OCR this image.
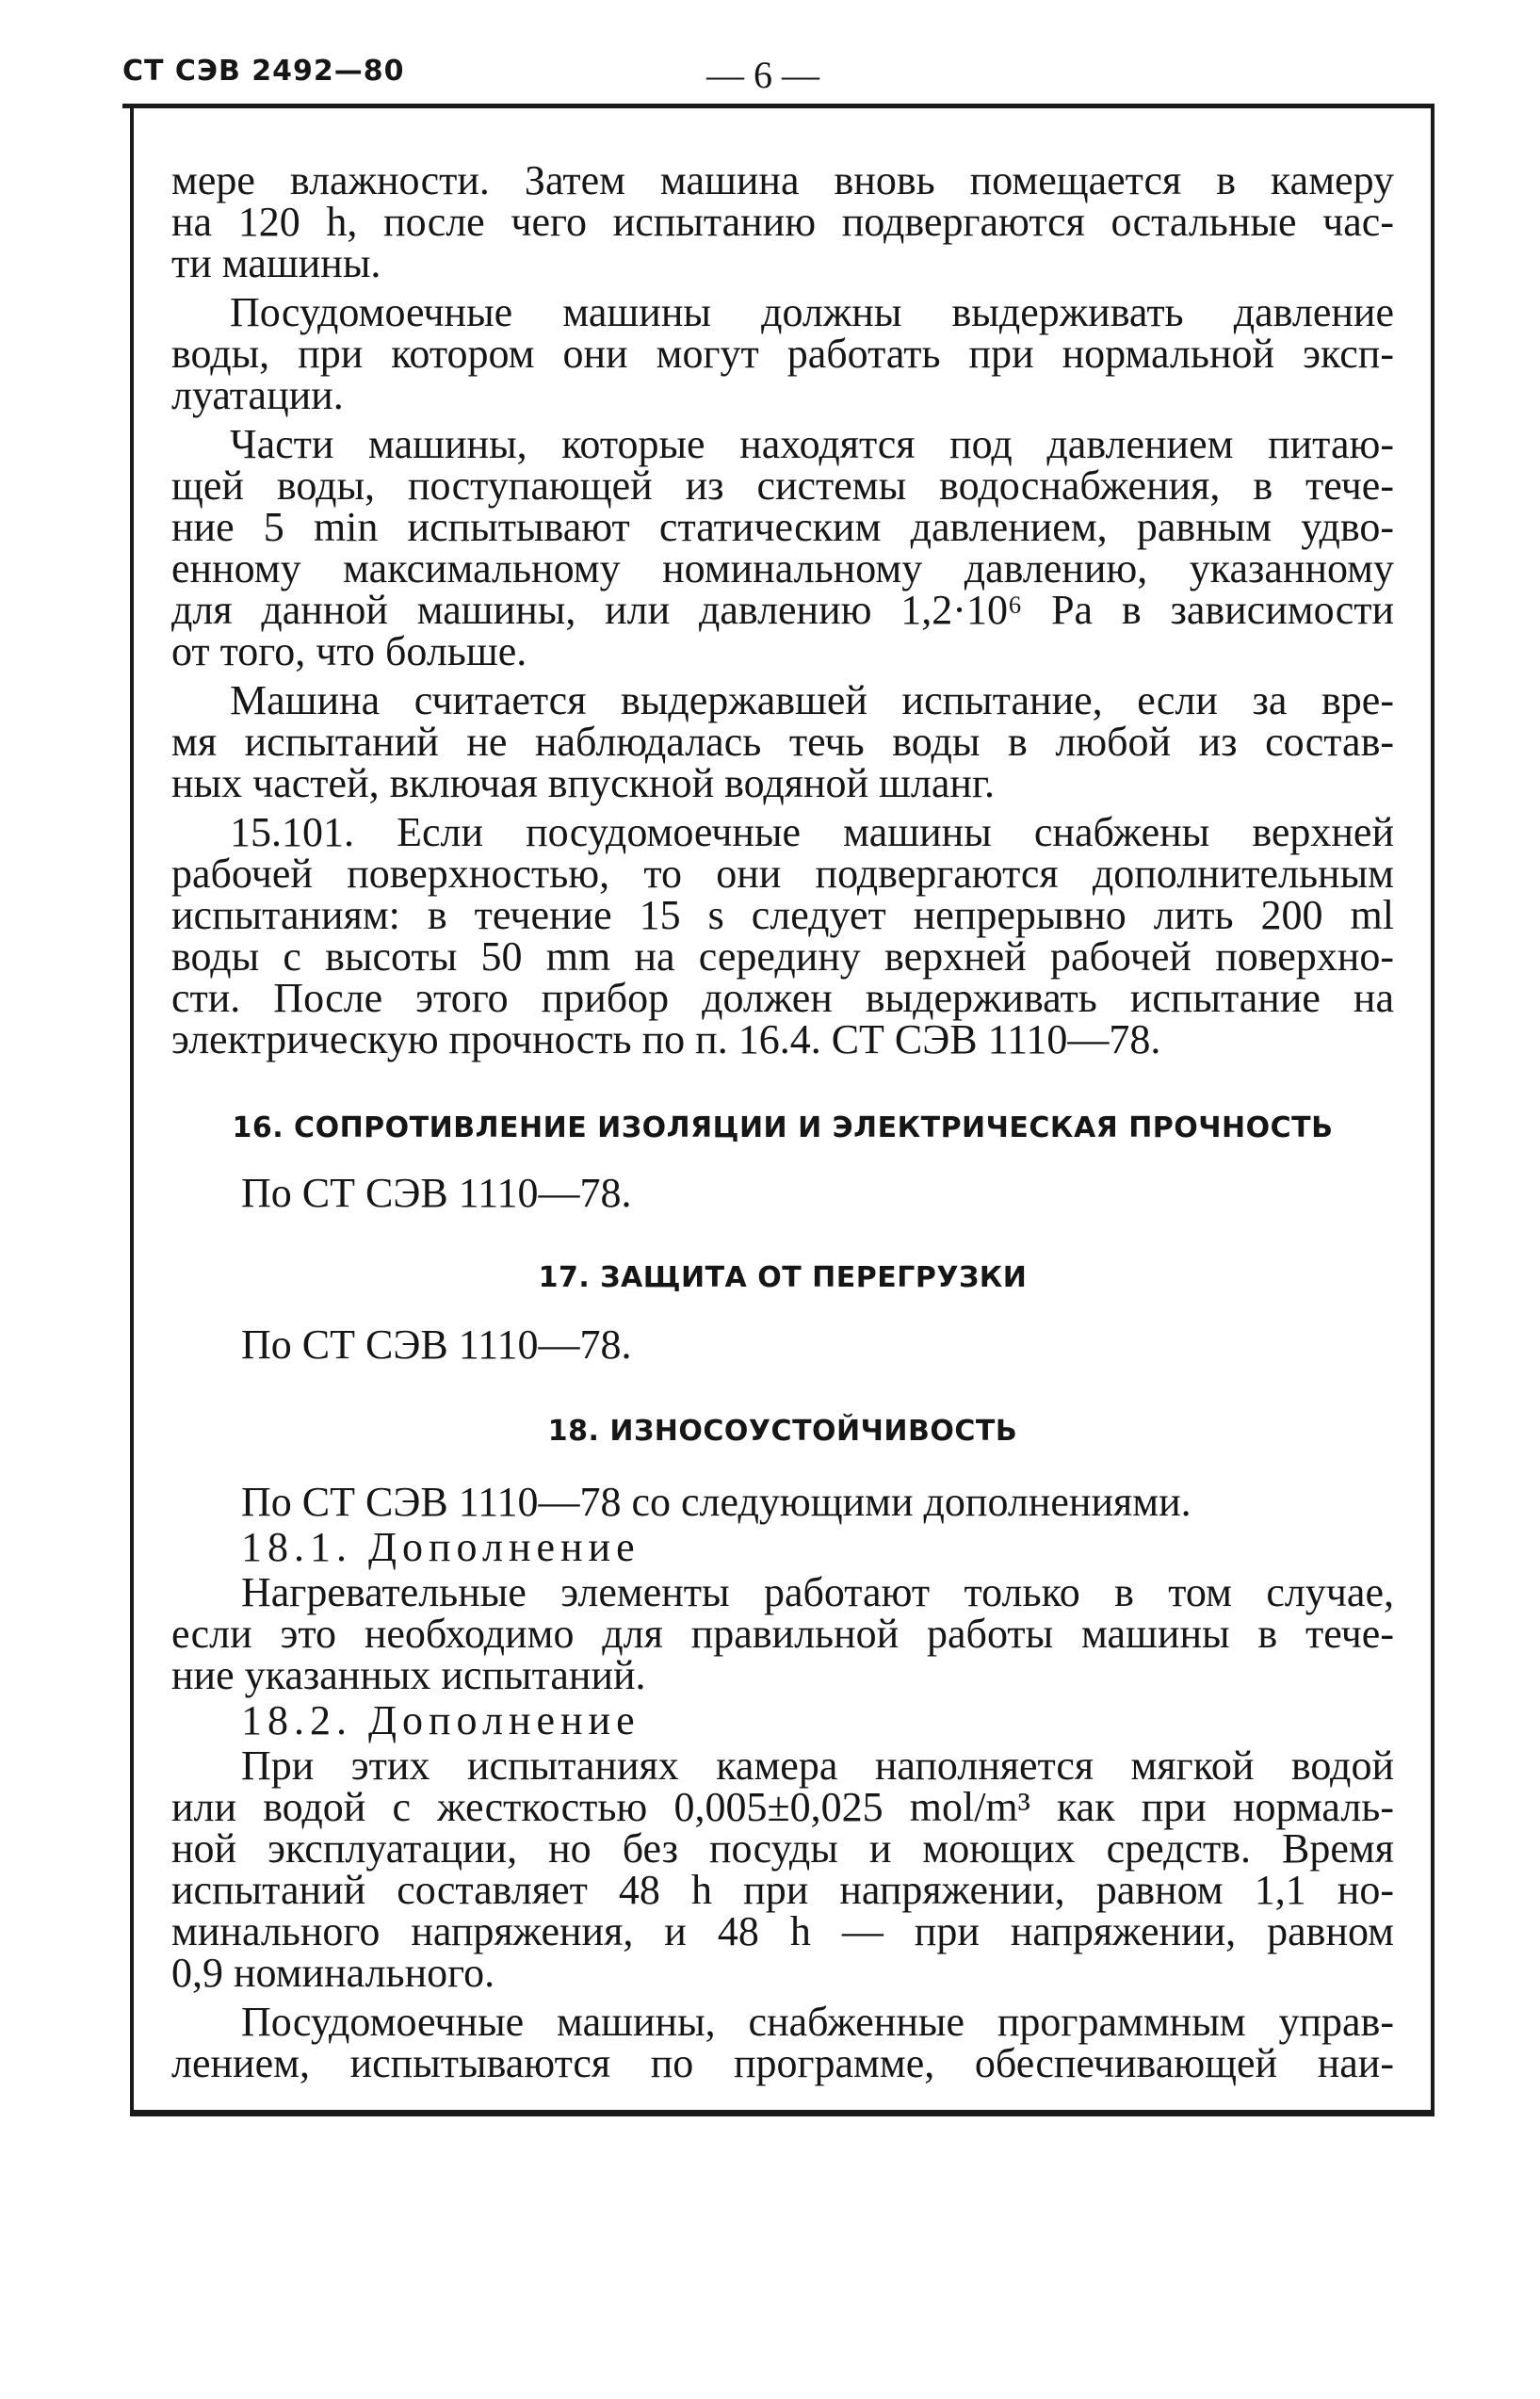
СТ СЭВ 2492—80	— 6 —
мере влажности. Затем машина вновь помещается в камеру
на 120 h, после чего испытанию подвергаются остальные час-
ти машины.
Посудомоечные машины должны выдерживать давление
воды, при котором они могут работать при нормальной эксп-
луатации.
Части машины, которые находятся под давлением питаю-
щей воды, поступающей из системы водоснабжения, в тече-
ние 5 min испытывают статическим давлением, равным удво-
енному максимальному номинальному давлению, указанному
для данной машины, или давлению 1,2·10⁶ Pa в зависимости
от того, что больше.
Машина считается выдержавшей испытание, если за вре-
мя испытаний не наблюдалась течь воды в любой из состав-
ных частей, включая впускной водяной шланг.
15.101. Если посудомоечные машины снабжены верхней
рабочей поверхностью, то они подвергаются дополнительным
испытаниям: в течение 15 s следует непрерывно лить 200 ml
воды с высоты 50 mm на середину верхней рабочей поверхно-
сти. После этого прибор должен выдерживать испытание на
электрическую прочность по п. 16.4. СТ СЭВ 1110—78.

16. СОПРОТИВЛЕНИЕ ИЗОЛЯЦИИ И ЭЛЕКТРИЧЕСКАЯ ПРОЧНОСТЬ

По СТ СЭВ 1110—78.

17. ЗАЩИТА ОТ ПЕРЕГРУЗКИ

По СТ СЭВ 1110—78.

18. ИЗНОСОУСТОЙЧИВОСТЬ

По СТ СЭВ 1110—78 со следующими дополнениями.

18.1. Дополнение

Нагревательные элементы работают только в том случае,
если это необходимо для правильной работы машины в тече-
ние указанных испытаний.

18.2. Дополнение

При этих испытаниях камера наполняется мягкой водой
или водой с жесткостью 0,005±0,025 mol/m³ как при нормаль-
ной эксплуатации, но без посуды и моющих средств. Время
испытаний составляет 48 h при напряжении, равном 1,1 но-
минального напряжения, и 48 h — при напряжении, равном
0,9 номинального.
Посудомоечные машины, снабженные программным управ-
лением, испытываются по программе, обеспечивающей наи-
